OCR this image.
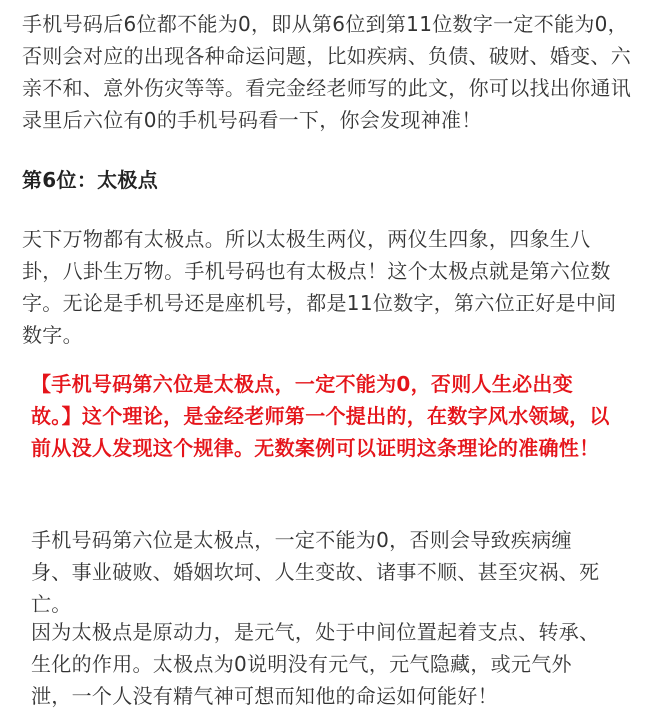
手机号码后6位都不能为0，即从第6位到第11位数字一定不能为0，否则会对应的出现各种命运问题，比如疾病、负债、破财、婚变、六亲不和、意外伤灾等等。看完金经老师写的此文，你可以找出你通讯录里后六位有0的手机号码看一下，你会发现神准！

第6位：太极点

天下万物都有太极点。所以太极生两仪，两仪生四象，四象生八卦，八卦生万物。手机号码也有太极点！这个太极点就是第六位数字。无论是手机号还是座机号，都是11位数字，第六位正好是中间数字。

【手机号码第六位是太极点，一定不能为0，否则人生必出变故。】这个理论，是金经老师第一个提出的，在数字风水领域，以前从没人发现这个规律。无数案例可以证明这条理论的准确性！

手机号码第六位是太极点，一定不能为0，否则会导致疾病缠身、事业破败、婚姻坎坷、人生变故、诸事不顺、甚至灾祸、死亡。

因为太极点是原动力，是元气，处于中间位置起着支点、转承、生化的作用。太极点为0说明没有元气，元气隐藏，或元气外泄，一个人没有精气神可想而知他的命运如何能好！
